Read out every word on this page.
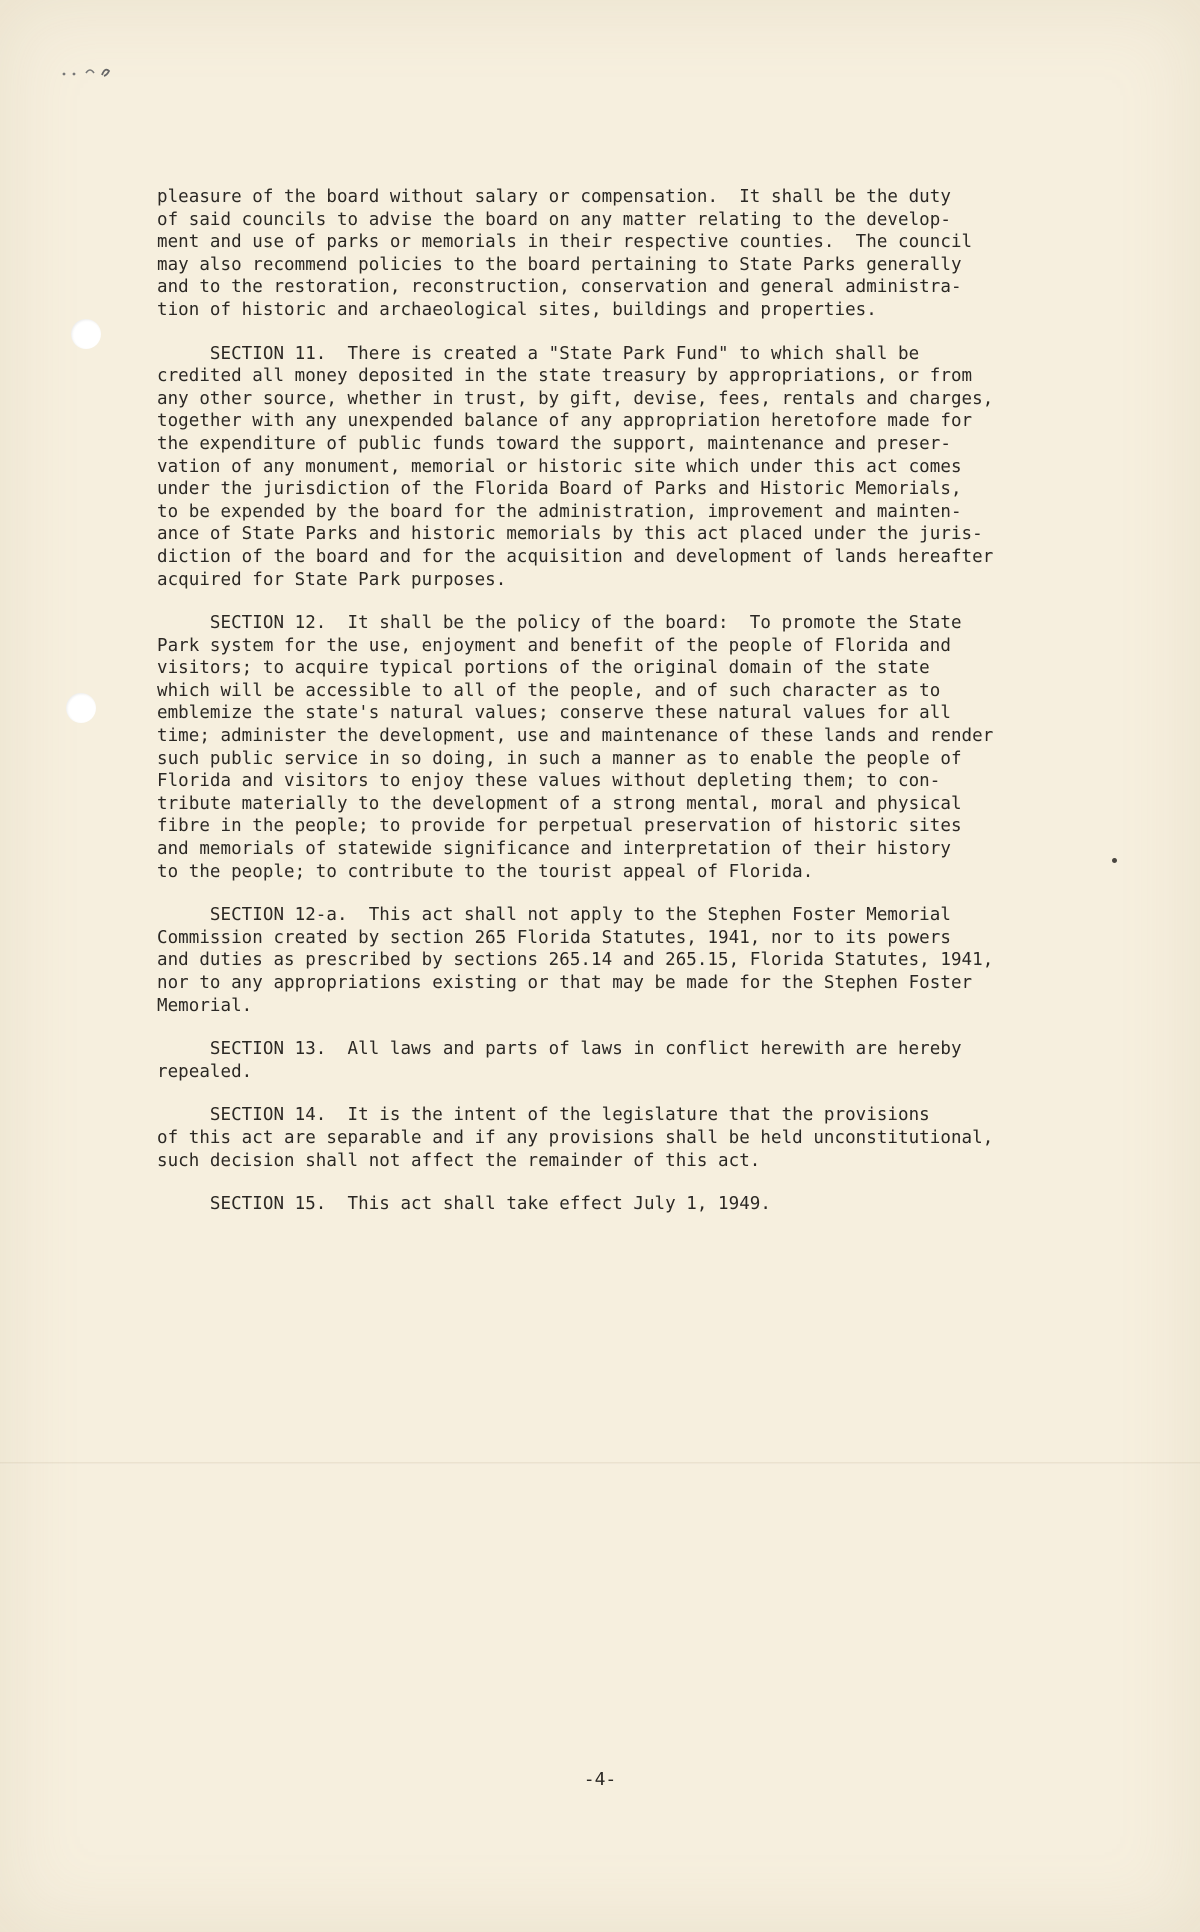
pleasure of the board without salary or compensation.  It shall be the duty
of said councils to advise the board on any matter relating to the develop-
ment and use of parks or memorials in their respective counties.  The council
may also recommend policies to the board pertaining to State Parks generally
and to the restoration, reconstruction, conservation and general administra-
tion of historic and archaeological sites, buildings and properties.
SECTION 11.  There is created a "State Park Fund" to which shall be
credited all money deposited in the state treasury by appropriations, or from
any other source, whether in trust, by gift, devise, fees, rentals and charges,
together with any unexpended balance of any appropriation heretofore made for
the expenditure of public funds toward the support, maintenance and preser-
vation of any monument, memorial or historic site which under this act comes
under the jurisdiction of the Florida Board of Parks and Historic Memorials,
to be expended by the board for the administration, improvement and mainten-
ance of State Parks and historic memorials by this act placed under the juris-
diction of the board and for the acquisition and development of lands hereafter
acquired for State Park purposes.
SECTION 12.  It shall be the policy of the board:  To promote the State
Park system for the use, enjoyment and benefit of the people of Florida and
visitors; to acquire typical portions of the original domain of the state
which will be accessible to all of the people, and of such character as to
emblemize the state's natural values; conserve these natural values for all
time; administer the development, use and maintenance of these lands and render
such public service in so doing, in such a manner as to enable the people of
Florida and visitors to enjoy these values without depleting them; to con-
tribute materially to the development of a strong mental, moral and physical
fibre in the people; to provide for perpetual preservation of historic sites
and memorials of statewide significance and interpretation of their history
to the people; to contribute to the tourist appeal of Florida.
SECTION 12-a.  This act shall not apply to the Stephen Foster Memorial
Commission created by section 265 Florida Statutes, 1941, nor to its powers
and duties as prescribed by sections 265.14 and 265.15, Florida Statutes, 1941,
nor to any appropriations existing or that may be made for the Stephen Foster
Memorial.
SECTION 13.  All laws and parts of laws in conflict herewith are hereby
repealed.
SECTION 14.  It is the intent of the legislature that the provisions
of this act are separable and if any provisions shall be held unconstitutional,
such decision shall not affect the remainder of this act.
SECTION 15.  This act shall take effect July 1, 1949.
-4-
